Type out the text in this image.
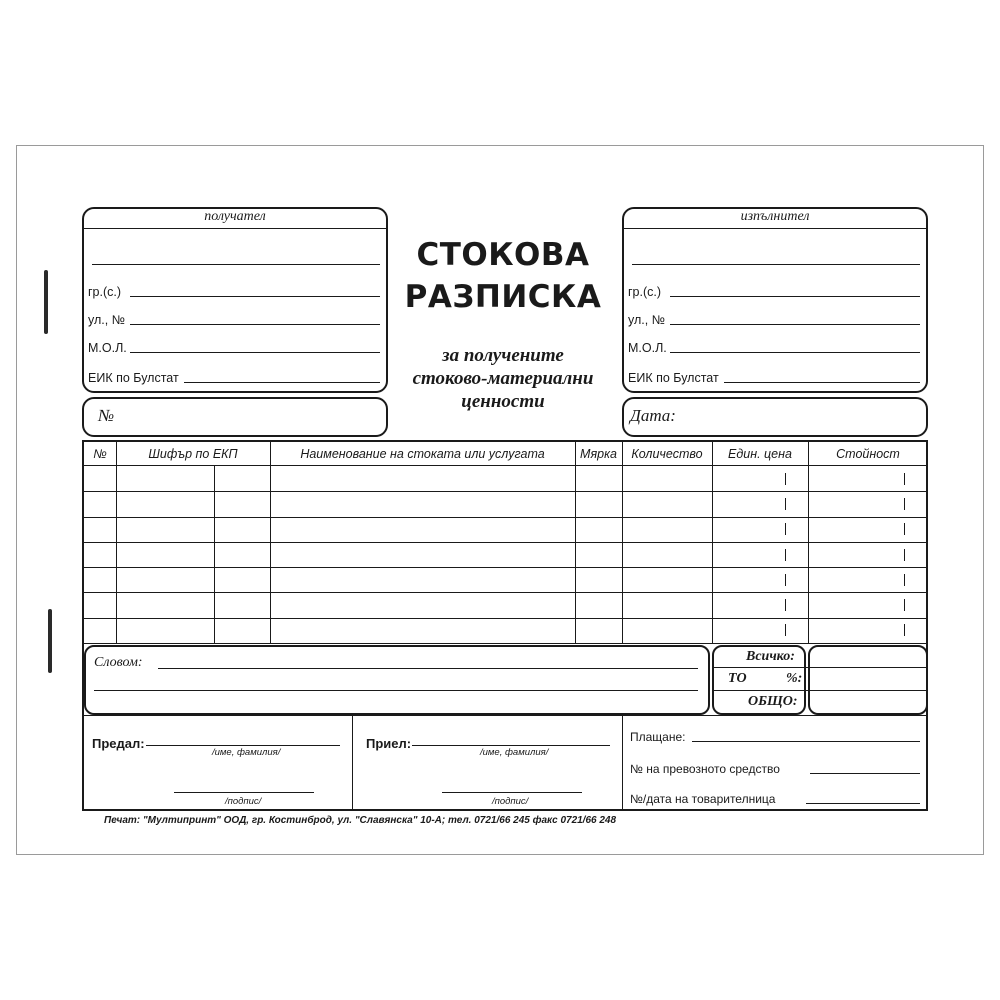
получател
гр.(с.)
ул., №
М.О.Л.
ЕИК по Булстат
изпълнител
гр.(с.)
ул., №
М.О.Л.
ЕИК по Булстат
СТОКОВА
РАЗПИСКА
за получените
стоково-материални
ценности
№	Дата:
№	Шифър по ЕКП	Наименование на стоката или услугата	Мярка	Количество	Един. цена	Стойност
Словом:	Всичко:
ТО	%:
ОБЩО:
Предал:
/име, фамилия/
/подпис/
Приел:
/име, фамилия/
/подпис/
Плащане:
№ на превозното средство
№/дата на товарителница
Печат: "Мултипринт" ООД, гр. Костинброд, ул. "Славянска" 10-А; тел. 0721/66 245 факс 0721/66 248
